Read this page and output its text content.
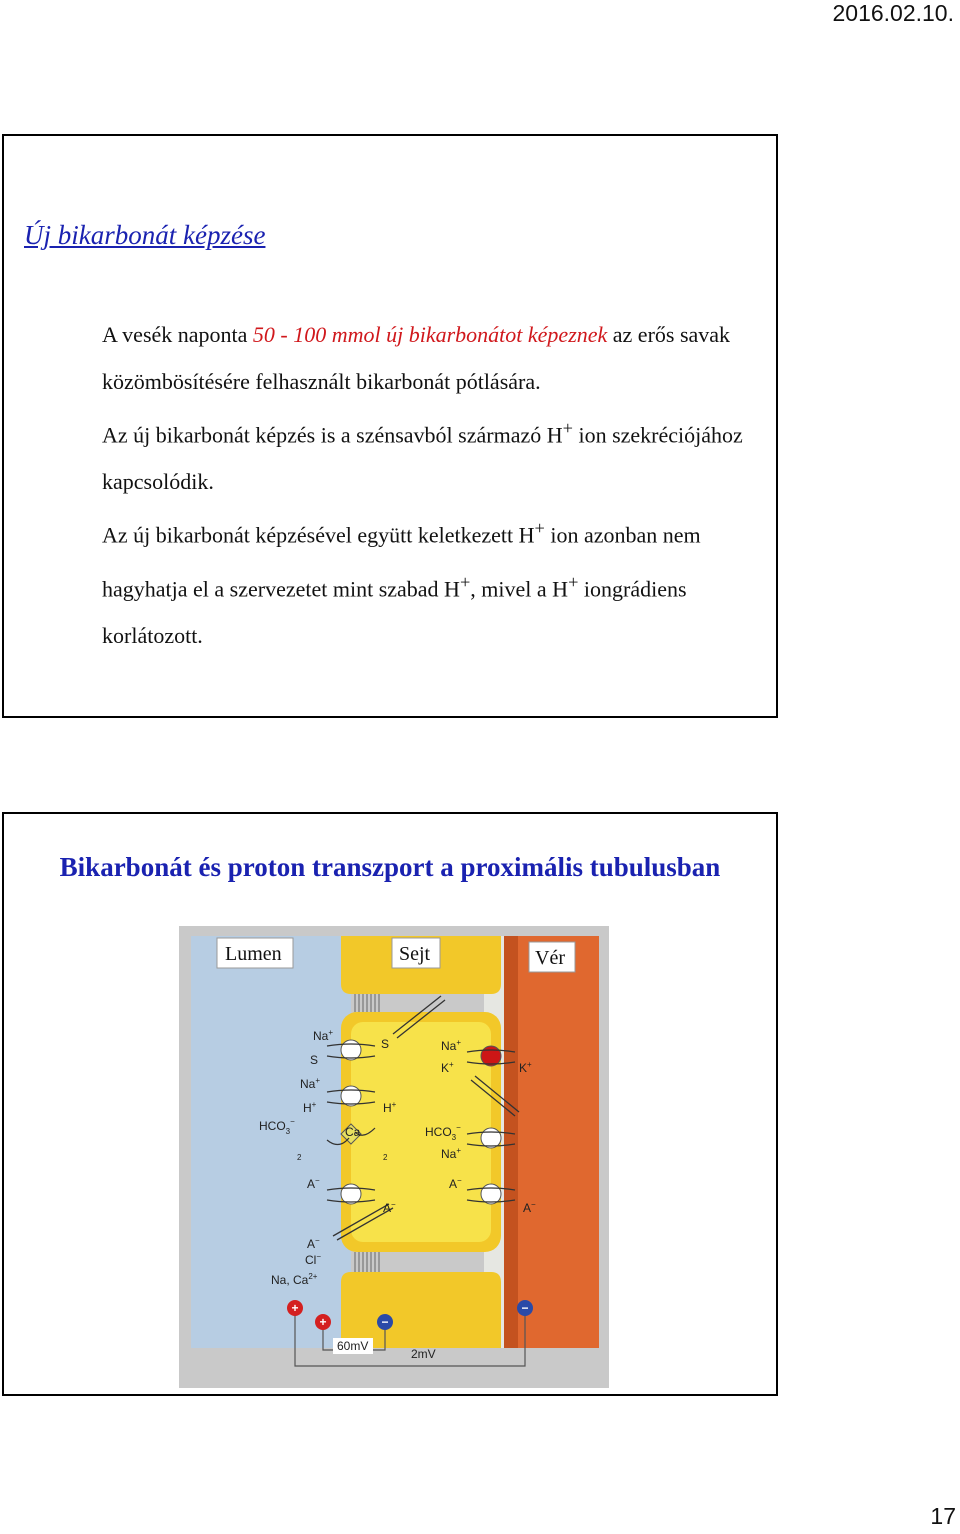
2016.02.10.
Új bikarbonát képzése
A vesék naponta 50 - 100 mmol új bikarbonátot képeznek az erős savak közömbösítésére felhasznált bikarbonát pótlására.
Az új bikarbonát képzés is a szénsavból származó H+ ion szekréciójához kapcsolódik.
Az új bikarbonát képzésével együtt keletkezett H+ ion azonban nem hagyhatja el a szervezetet mint szabad H+, mivel a H+ iongrádiens korlátozott.
Bikarbonát és proton transzport a proximális tubulusban
Na+
S
Na+
H+
$HCO_3^-$
$_2$
A−
A−
Cl−
Na, $Ca^{2+}$
S
H+
Ca
$_2$
A−
Na+
K+
$HCO_3^-$
Na+
A−
K+
A−
+
+	−
−
60mV
2mV
Lumen	Sejt	Vér
17
